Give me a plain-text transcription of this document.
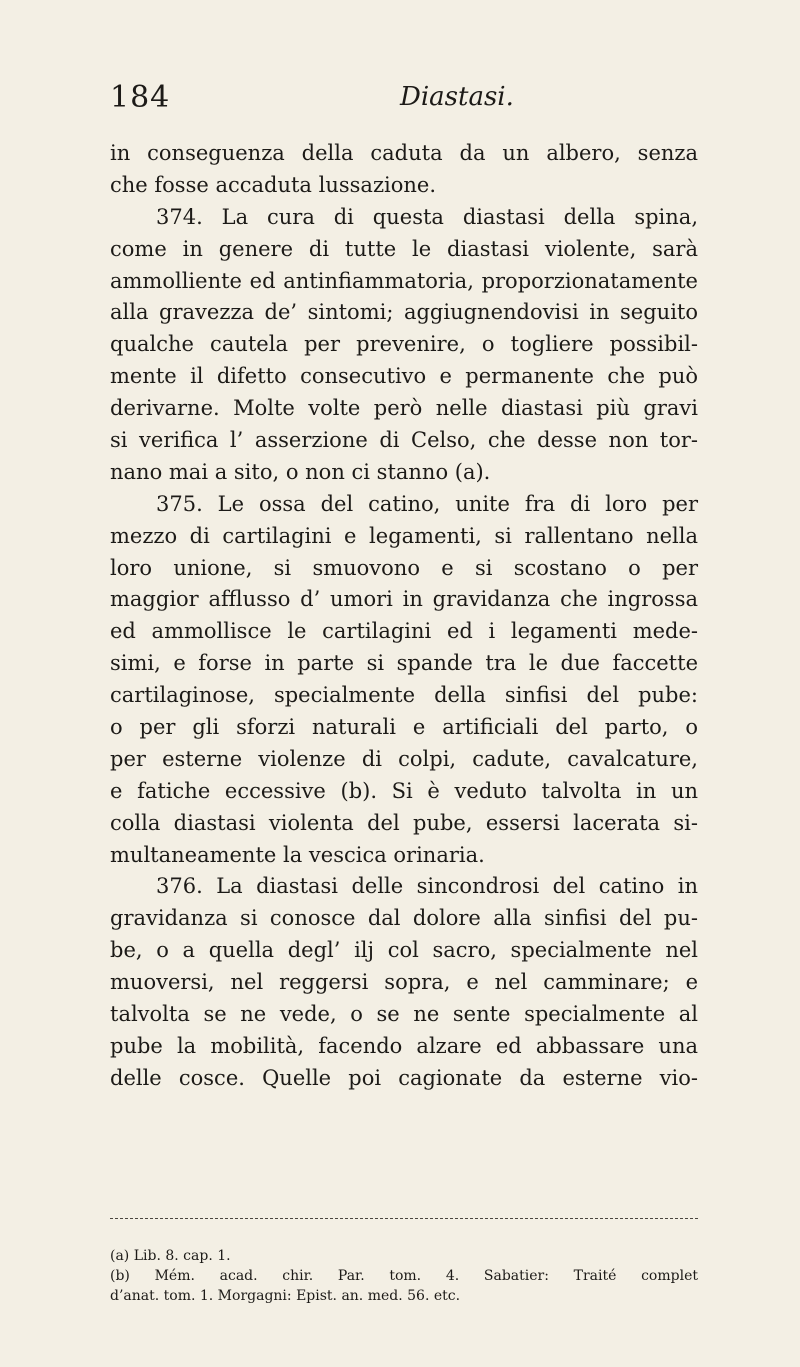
184	Diastasi.
in conseguenza della caduta da un albero, senza
che fosse accaduta lussazione.
374. La cura di questa diastasi della spina,
come in genere di tutte le diastasi violente, sarà
ammolliente ed antinfiammatoria, proporzionatamente
alla gravezza de’ sintomi; aggiugnendovisi in seguito
qualche cautela per prevenire, o togliere possibil-
mente il difetto consecutivo e permanente che può
derivarne. Molte volte però nelle diastasi più gravi
si verifica l’ asserzione di Celso, che desse non tor-
nano mai a sito, o non ci stanno (a).
375. Le ossa del catino, unite fra di loro per
mezzo di cartilagini e legamenti, si rallentano nella
loro unione, si smuovono e si scostano o per
maggior afflusso d’ umori in gravidanza che ingrossa
ed ammollisce le cartilagini ed i legamenti mede-
simi, e forse in parte si spande tra le due faccette
cartilaginose, specialmente della sinfisi del pube:
o per gli sforzi naturali e artificiali del parto, o
per esterne violenze di colpi, cadute, cavalcature,
e fatiche eccessive (b). Si è veduto talvolta in un
colla diastasi violenta del pube, essersi lacerata si-
multaneamente la vescica orinaria.
376. La diastasi delle sincondrosi del catino in
gravidanza si conosce dal dolore alla sinfisi del pu-
be, o a quella degl’ ilj col sacro, specialmente nel
muoversi, nel reggersi sopra, e nel camminare; e
talvolta se ne vede, o se ne sente specialmente al
pube la mobilità, facendo alzare ed abbassare una
delle cosce. Quelle poi cagionate da esterne vio-
(a) Lib. 8. cap. 1.
(b) Mém. acad. chir. Par. tom. 4. Sabatier: Traité complet
d’anat. tom. 1. Morgagni: Epist. an. med. 56. etc.
